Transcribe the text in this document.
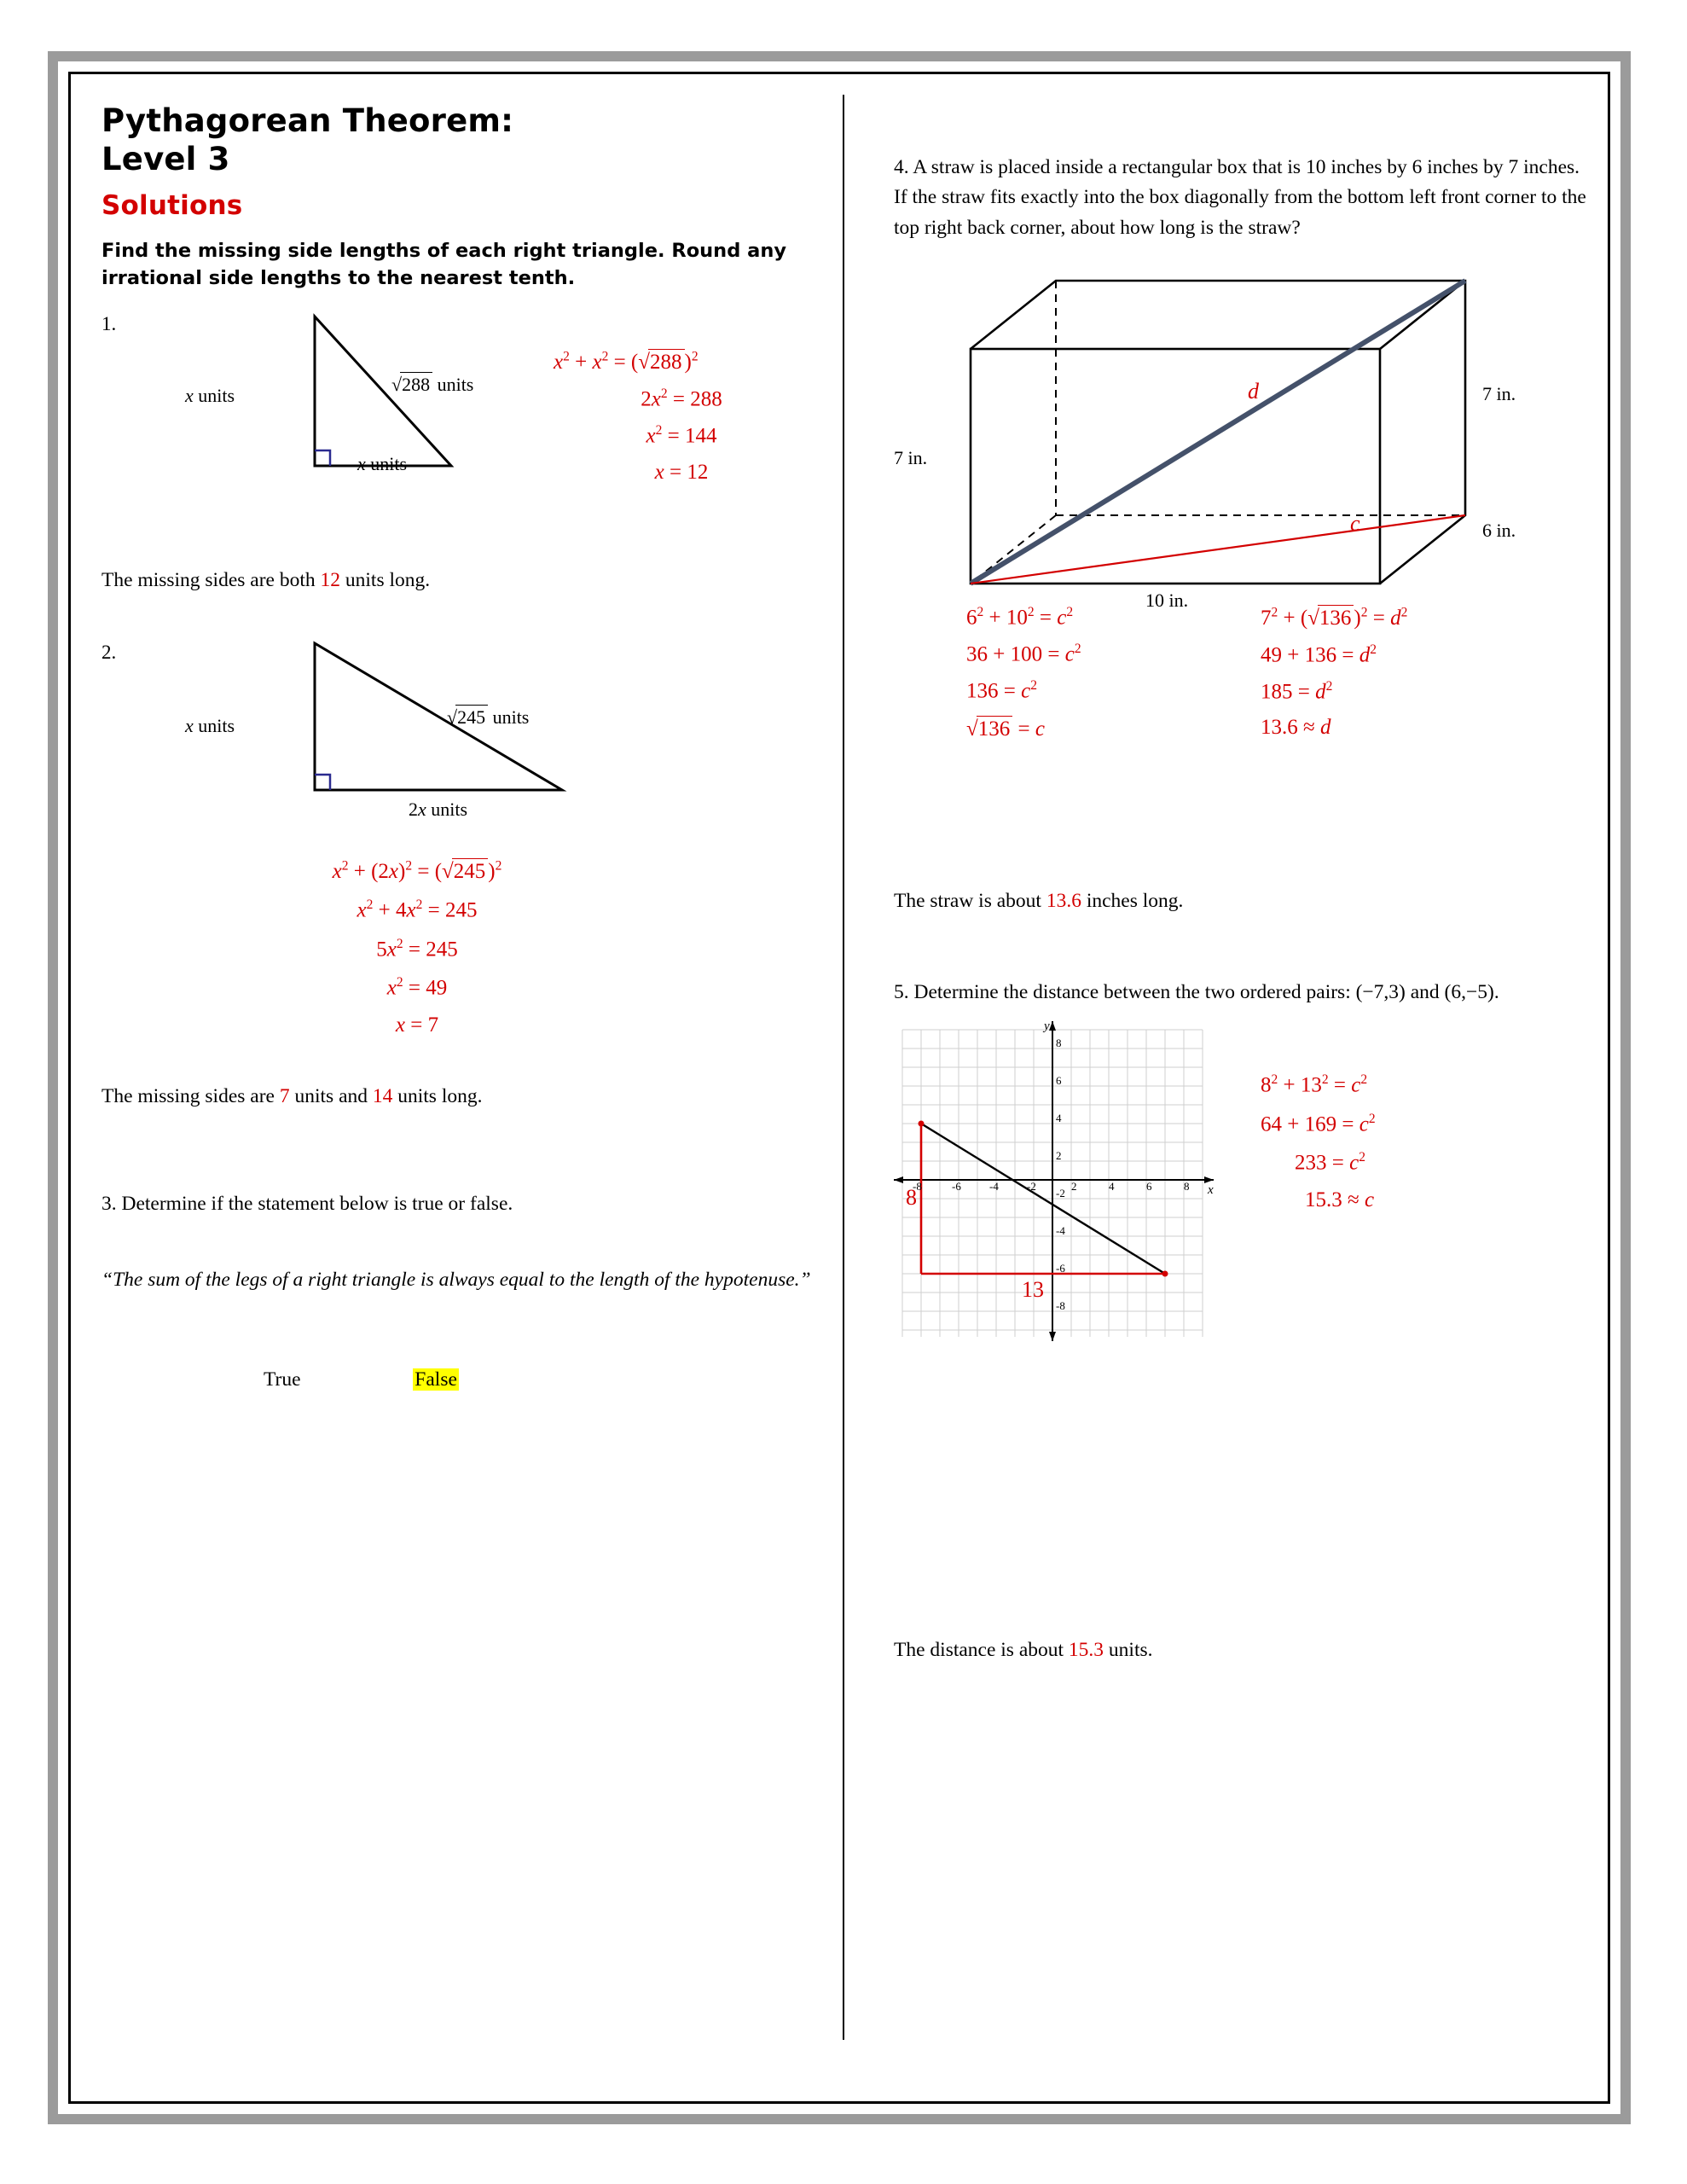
Pythagorean Theorem:
Level 3
Solutions

Find the missing side lengths of each right triangle. Round any irrational side lengths to the nearest tenth.

1.
x units
x units
√288 units
$x^2 + x^2 = (√288$ )$^2$
$2x^2 = 288$
$x^2 = 144$
x = 12
The missing sides are both 12 units long.
2.
x units
2x units
√245 units
$x^2 + (2x)^2 = (√245$ )$^2$
$x^2 + 4x^2 = 245$
$5x^2 = 245$
$x^2 = 49$
x = 7
The missing sides are 7 units and 14 units long.
3. Determine if the statement below is true or false.
“The sum of the legs of a right triangle is always equal to the length of the hypotenuse.”
True	False
4. A straw is placed inside a rectangular box that is 10 inches by 6 inches by 7 inches. If the straw fits exactly into the box diagonally from the bottom left front corner to the top right back corner, about how long is the straw?
d
c
7 in.
7 in.
6 in.
10 in.
$6^2 + 10^2 = c^2$
$36 + 100 = c^2$
$136 = c^2$
√136 = c
$7^2 + (√136$ )$^2 = d^2$
$49 + 136 = d^2$
$185 = d^2$
13.6 ≈ d
The straw is about 13.6 inches long.
5. Determine the distance between the two ordered pairs: (−7,3) and (6,−5).
-8	-6	-4	-2	2	4	6	8
8
6
4
2
-2
-4
-6
-8
x
y
8
13
$8^2 + 13^2 = c^2$
$64 + 169 = c^2$
$233 = c^2$
15.3 ≈ c
The distance is about 15.3 units.
